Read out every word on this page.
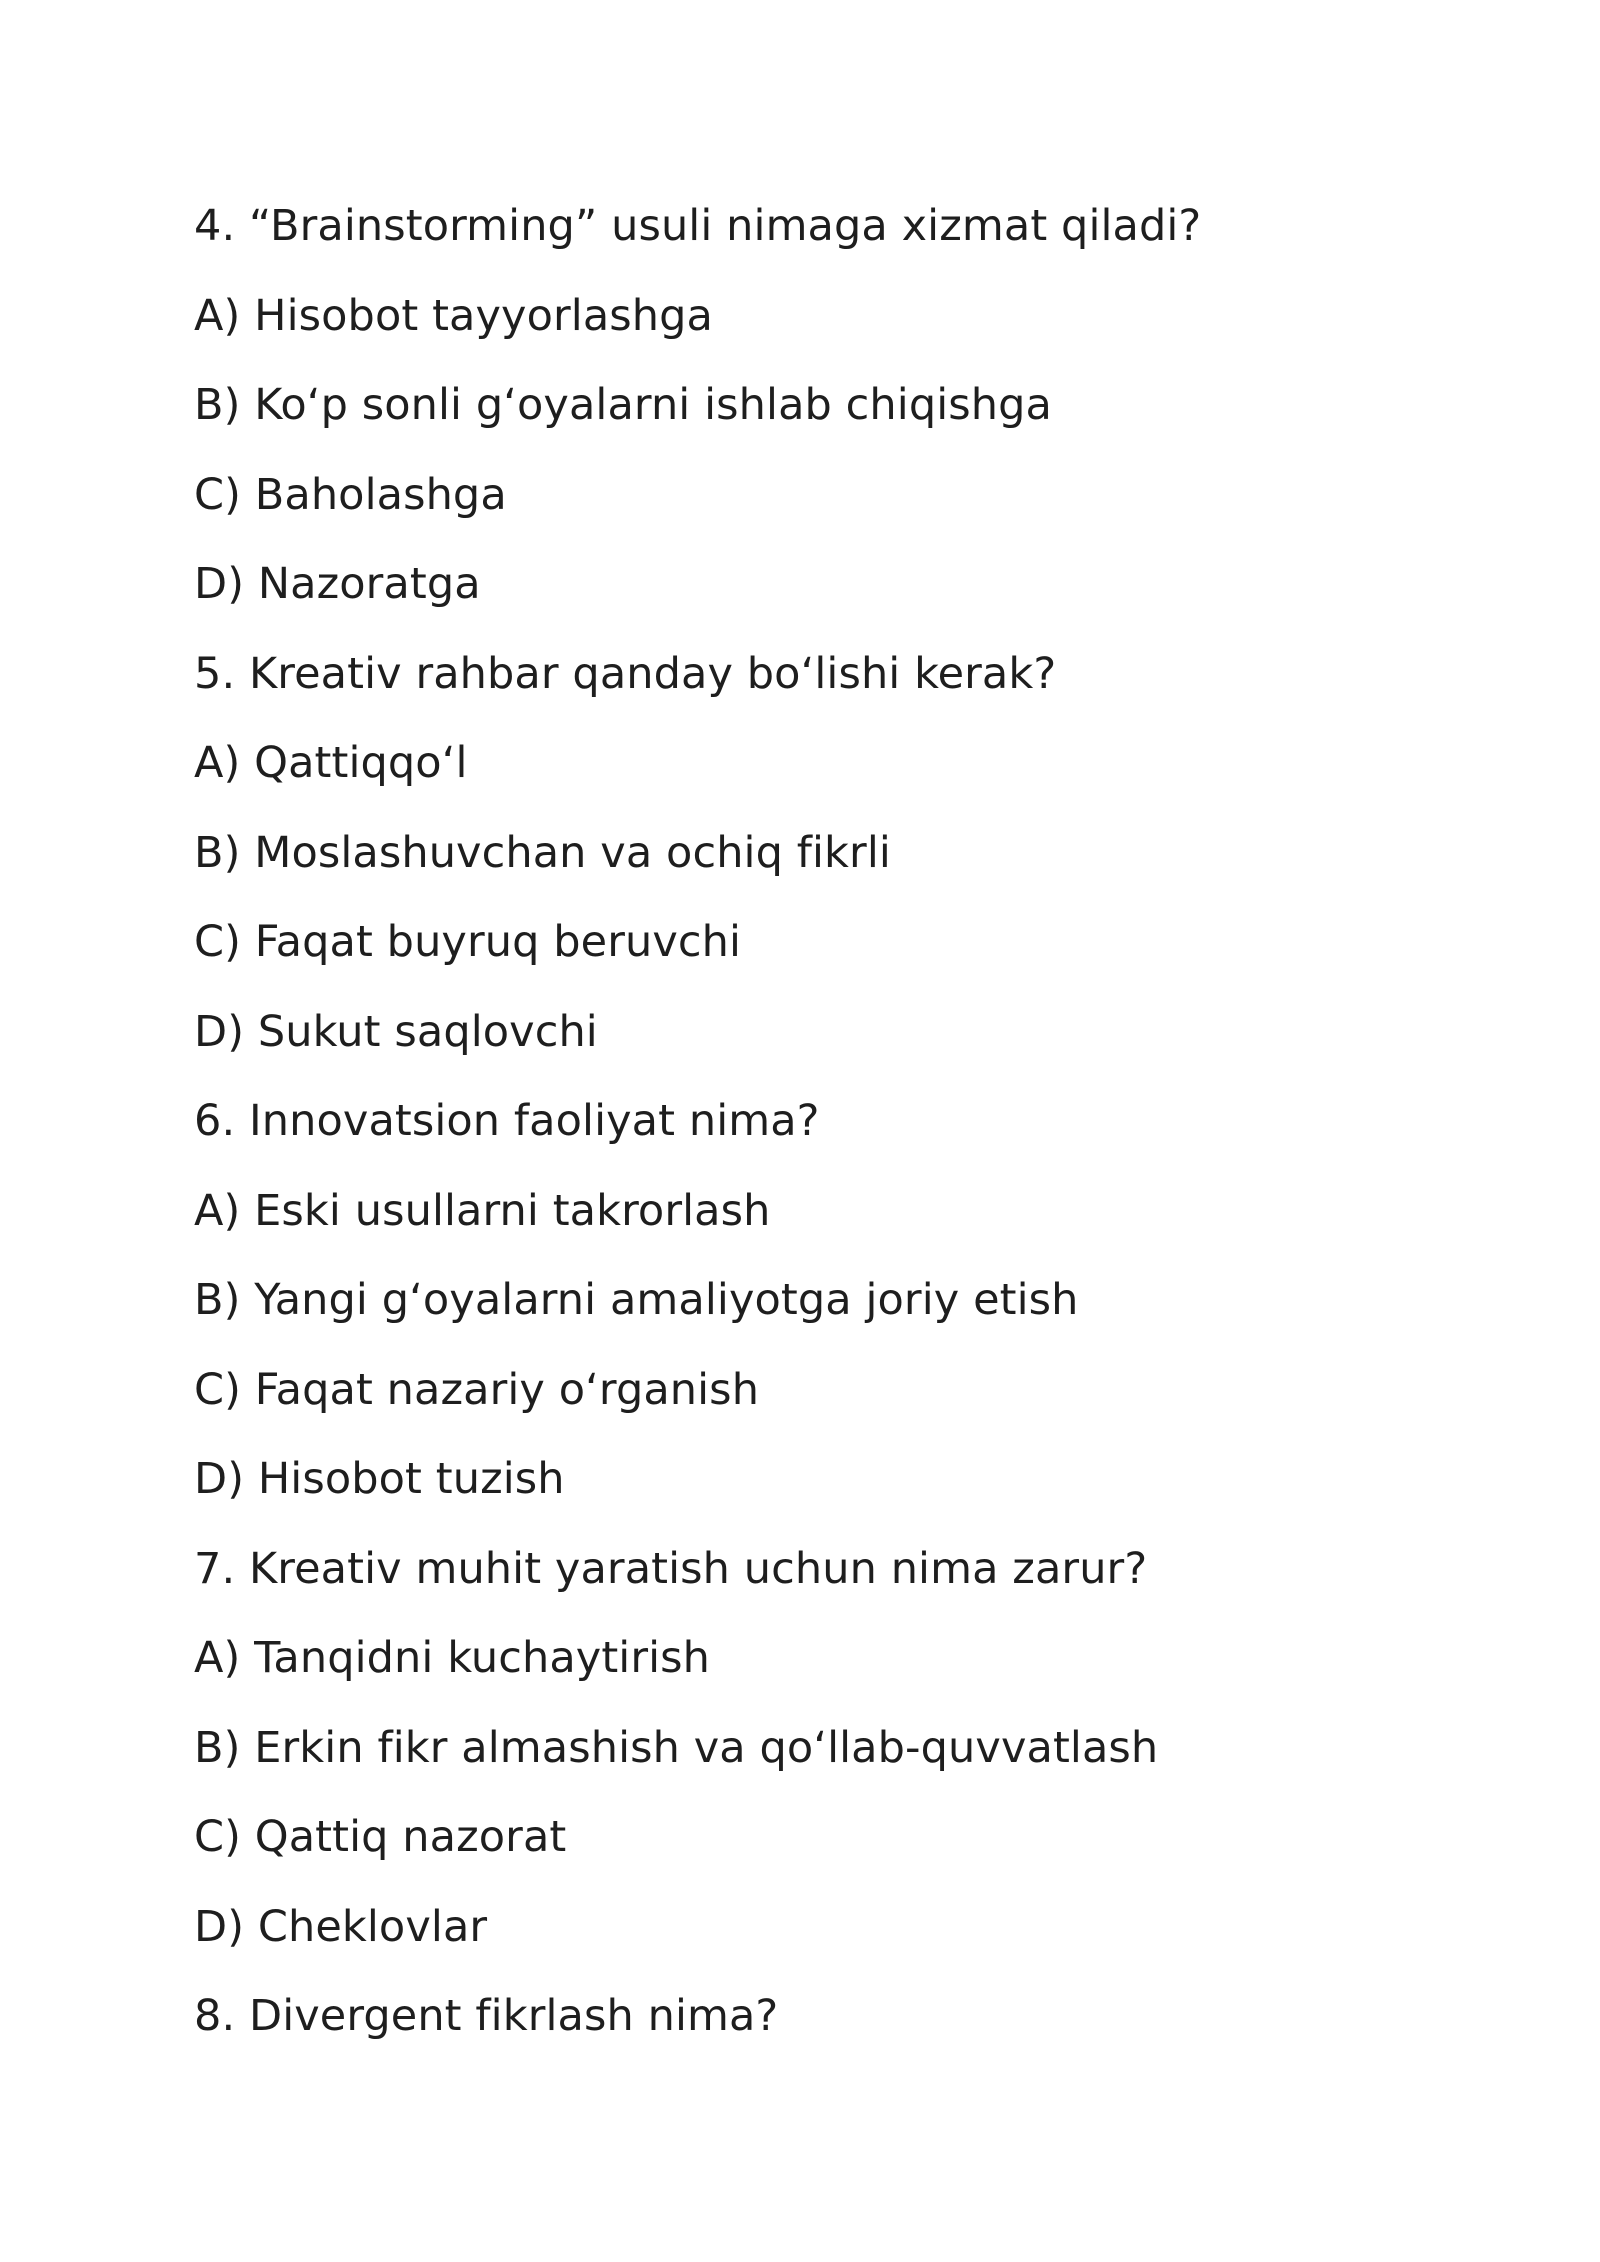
4. “Brainstorming” usuli nimaga xizmat qiladi?
A) Hisobot tayyorlashga
B) Ko‘p sonli g‘oyalarni ishlab chiqishga
C) Baholashga
D) Nazoratga
5. Kreativ rahbar qanday bo‘lishi kerak?
A) Qattiqqo‘l
B) Moslashuvchan va ochiq fikrli
C) Faqat buyruq beruvchi
D) Sukut saqlovchi
6. Innovatsion faoliyat nima?
A) Eski usullarni takrorlash
B) Yangi g‘oyalarni amaliyotga joriy etish
C) Faqat nazariy o‘rganish
D) Hisobot tuzish
7. Kreativ muhit yaratish uchun nima zarur?
A) Tanqidni kuchaytirish
B) Erkin fikr almashish va qo‘llab-quvvatlash
C) Qattiq nazorat
D) Cheklovlar
8. Divergent fikrlash nima?
